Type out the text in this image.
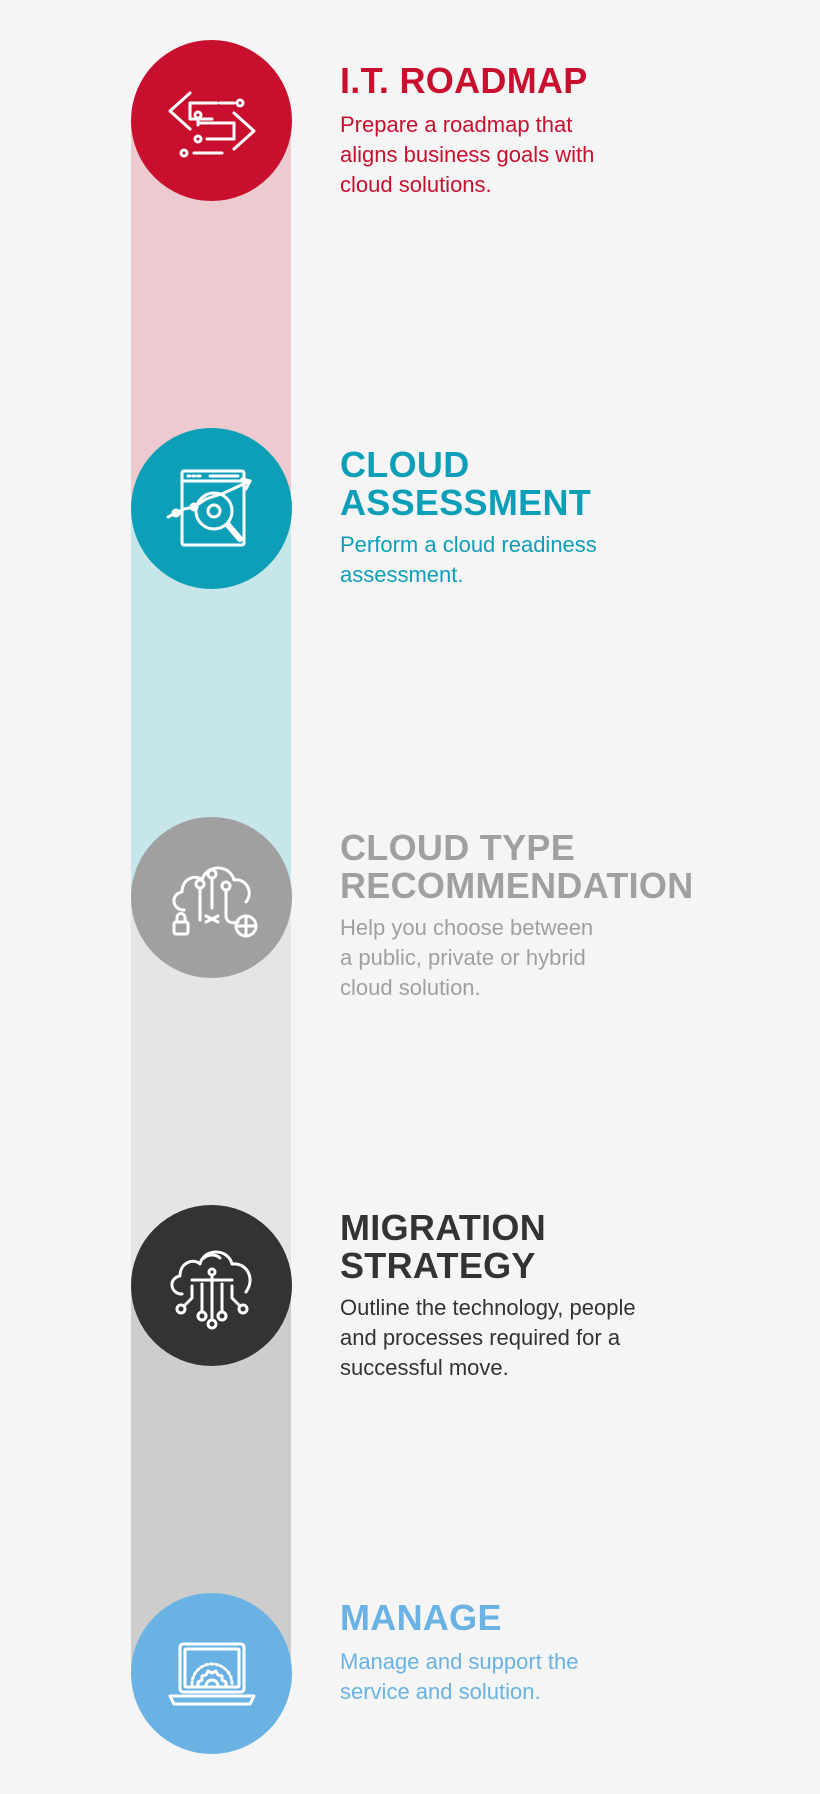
I.T. ROADMAP

Prepare a roadmap that
aligns business goals with
cloud solutions.

CLOUD
ASSESSMENT

Perform a cloud readiness
assessment.

CLOUD TYPE
RECOMMENDATION

Help you choose between
a public, private or hybrid
cloud solution.

MIGRATION
STRATEGY

Outline the technology, people
and processes required for a
successful move.

MANAGE

Manage and support the
service and solution.
